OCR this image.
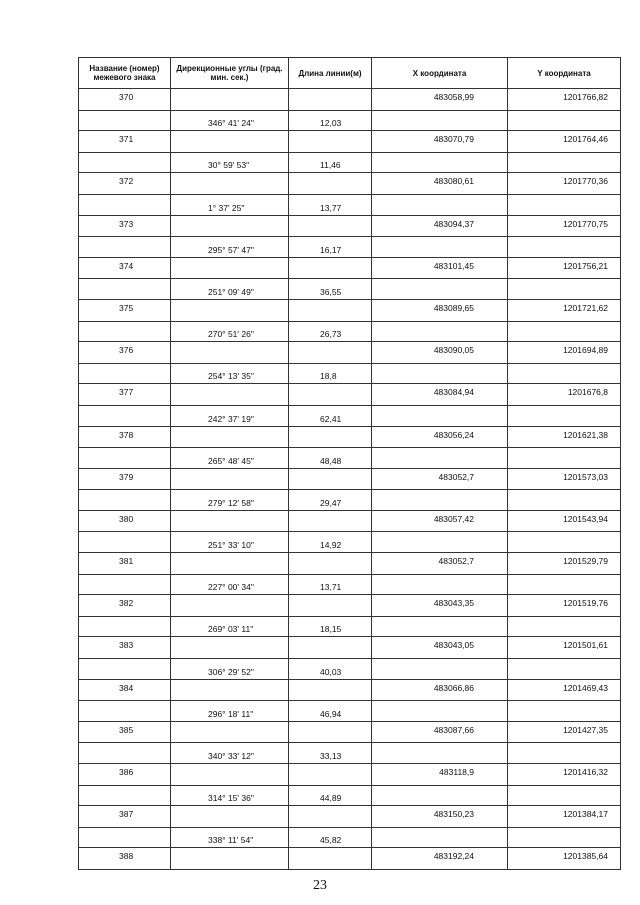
Название (номер) межевого знака	Дирекционные углы (град. мин. сек.)	Длина линии(м)	X координата	Y координата
370			483058,99	1201766,82
	346° 41' 24"	12,03		
371			483070,79	1201764,46
	30° 59' 53"	11,46		
372			483080,61	1201770,36
	1° 37' 25"	13,77		
373			483094,37	1201770,75
	295° 57' 47"	16,17		
374			483101,45	1201756,21
	251° 09' 49"	36,55		
375			483089,65	1201721,62
	270° 51' 26"	26,73		
376			483090,05	1201694,89
	254° 13' 35"	18,8		
377			483084,94	1201676,8
	242° 37' 19"	62,41		
378			483056,24	1201621,38
	265° 48' 45"	48,48		
379			483052,7	1201573,03
	279° 12' 58"	29,47		
380			483057,42	1201543,94
	251° 33' 10"	14,92		
381			483052,7	1201529,79
	227° 00' 34"	13,71		
382			483043,35	1201519,76
	269° 03' 11"	18,15		
383			483043,05	1201501,61
	306° 29' 52"	40,03		
384			483066,86	1201469,43
	296° 18' 11"	46,94		
385			483087,66	1201427,35
	340° 33' 12"	33,13		
386			483118,9	1201416,32
	314° 15' 36"	44,89		
387			483150,23	1201384,17
	338° 11' 54"	45,82		
388			483192,24	1201385,64
23
